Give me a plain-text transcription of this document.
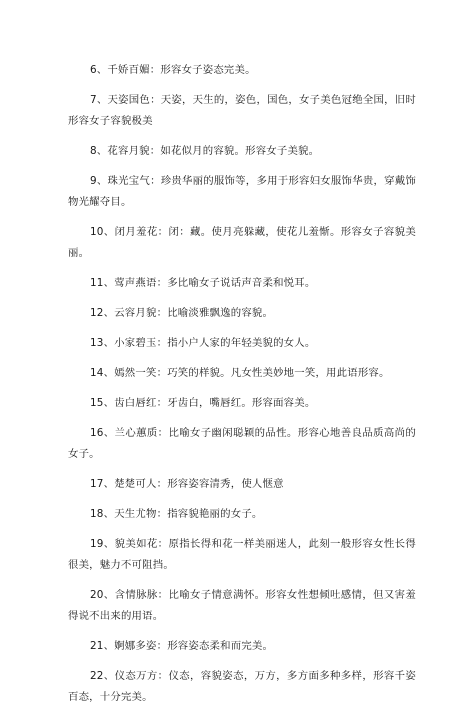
6、千娇百媚：形容女子姿态完美。

7、天姿国色：天姿，天生的，姿色，国色，女子美色冠绝全国，旧时形容女子容貌极美

8、花容月貌：如花似月的容貌。形容女子美貌。

9、珠光宝气：珍贵华丽的服饰等，多用于形容妇女服饰华贵，穿戴饰物光耀夺目。

10、闭月羞花：闭：藏。使月亮躲藏，使花儿羞惭。形容女子容貌美丽。

11、莺声燕语：多比喻女子说话声音柔和悦耳。

12、云容月貌：比喻淡雅飘逸的容貌。

13、小家碧玉：指小户人家的年轻美貌的女人。

14、嫣然一笑：巧笑的样貌。凡女性美妙地一笑，用此语形容。

15、齿白唇红：牙齿白，嘴唇红。形容面容美。

16、兰心蕙质：比喻女子幽闲聪颖的品性。形容心地善良品质高尚的女子。

17、楚楚可人：形容姿容清秀，使人惬意

18、天生尤物：指容貌艳丽的女子。

19、貌美如花：原指长得和花一样美丽迷人，此刻一般形容女性长得很美，魅力不可阻挡。

20、含情脉脉：比喻女子情意满怀。形容女性想倾吐感情，但又害羞得说不出来的用语。

21、婀娜多姿：形容姿态柔和而完美。

22、仪态万方：仪态，容貌姿态，万方，多方面多种多样，形容千姿百态，十分完美。
